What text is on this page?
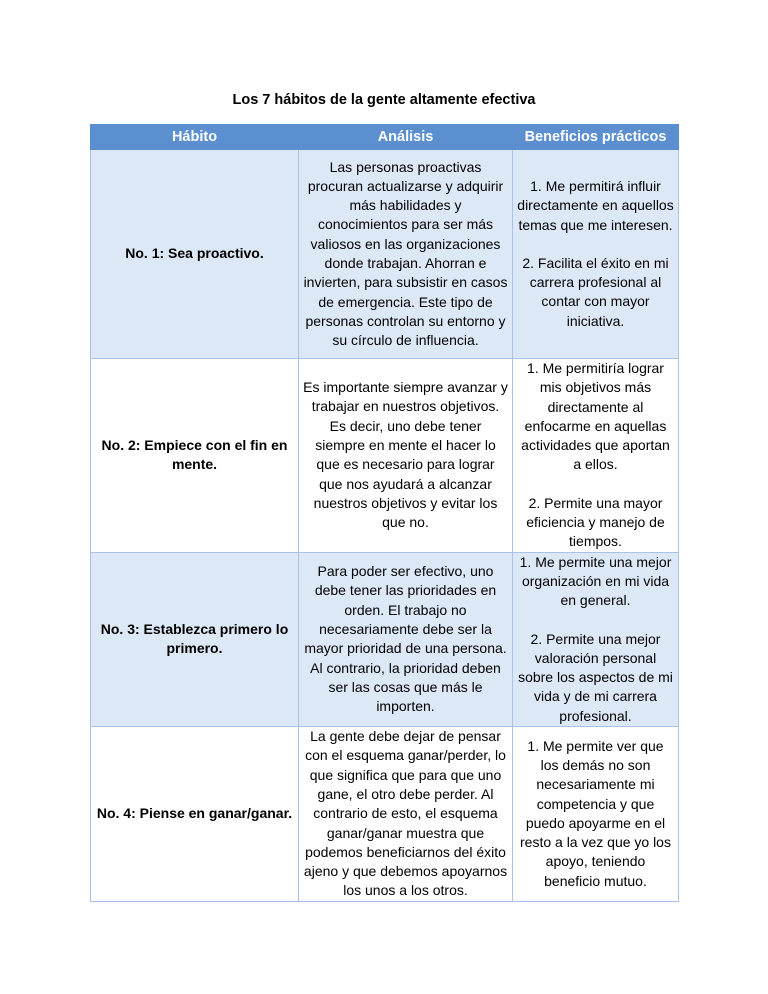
Los 7 hábitos de la gente altamente efectiva
Hábito	Análisis	Beneficios prácticos
No. 1: Sea proactivo.	Las personas proactivas procuran actualizarse y adquirir más habilidades y conocimientos para ser más valiosos en las organizaciones donde trabajan. Ahorran e invierten, para subsistir en casos de emergencia. Este tipo de personas controlan su entorno y su círculo de influencia.	1. Me permitirá influir directamente en aquellos temas que me interesen.

2. Facilita el éxito en mi carrera profesional al contar con mayor iniciativa.

No. 2: Empiece con el fin en mente.	Es importante siempre avanzar y trabajar en nuestros objetivos. Es decir, uno debe tener siempre en mente el hacer lo que es necesario para lograr que nos ayudará a alcanzar nuestros objetivos y evitar los que no.	1. Me permitiría lograr mis objetivos más directamente al enfocarme en aquellas actividades que aportan a ellos.

2. Permite una mayor eficiencia y manejo de tiempos.

No. 3: Establezca primero lo primero.	Para poder ser efectivo, uno debe tener las prioridades en orden. El trabajo no necesariamente debe ser la mayor prioridad de una persona. Al contrario, la prioridad deben ser las cosas que más le importen.	1. Me permite una mejor organización en mi vida en general.

2. Permite una mejor valoración personal sobre los aspectos de mi vida y de mi carrera profesional.

No. 4: Piense en ganar/ganar.	La gente debe dejar de pensar con el esquema ganar/perder, lo que significa que para que uno gane, el otro debe perder. Al contrario de esto, el esquema ganar/ganar muestra que podemos beneficiarnos del éxito ajeno y que debemos apoyarnos los unos a los otros.	1. Me permite ver que los demás no son necesariamente mi competencia y que puedo apoyarme en el resto a la vez que yo los apoyo, teniendo beneficio mutuo.
